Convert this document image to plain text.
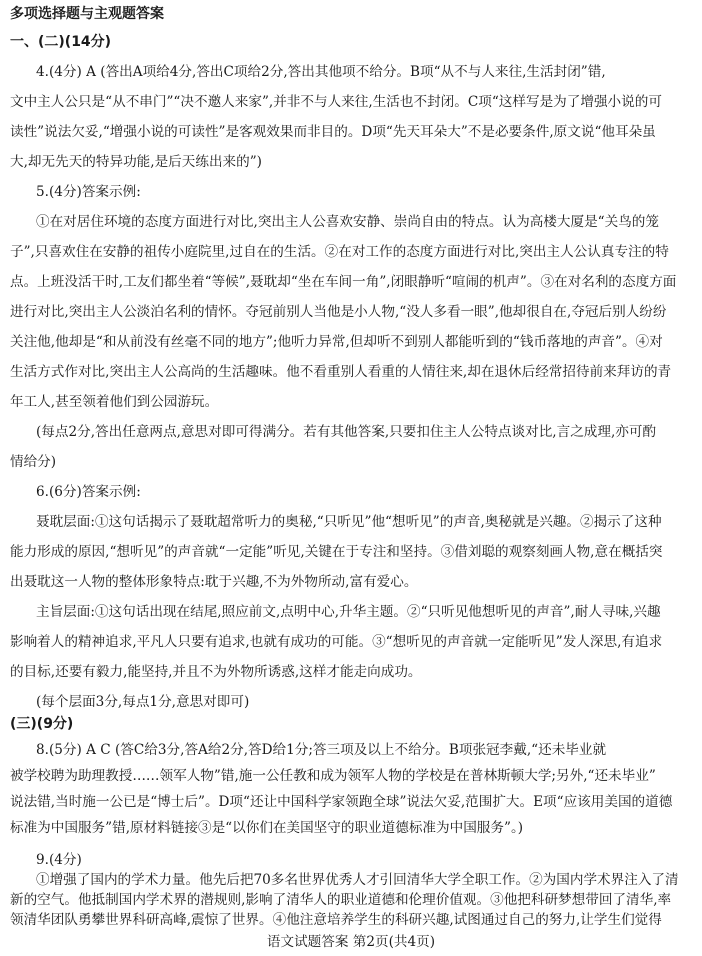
多项选择题与主观题答案
一、(二)(14分)
4.(4分) A (答出A项给4分,答出C项给2分,答出其他项不给分。B项“从不与人来往,生活封闭”错,
文中主人公只是“从不串门”“决不邀人来家”,并非不与人来往,生活也不封闭。C项“这样写是为了增强小说的可
读性”说法欠妥,“增强小说的可读性”是客观效果而非目的。D项“先天耳朵大”不是必要条件,原文说“他耳朵虽
大,却无先天的特异功能,是后天练出来的”)
5.(4分)答案示例:
①在对居住环境的态度方面进行对比,突出主人公喜欢安静、崇尚自由的特点。认为高楼大厦是“关鸟的笼
子”,只喜欢住在安静的祖传小庭院里,过自在的生活。②在对工作的态度方面进行对比,突出主人公认真专注的特
点。上班没活干时,工友们都坐着“等候”,聂耽却“坐在车间一角”,闭眼静听“喧闹的机声”。③在对名利的态度方面
进行对比,突出主人公淡泊名利的情怀。夺冠前别人当他是小人物,“没人多看一眼”,他却很自在,夺冠后别人纷纷
关注他,他却是“和从前没有丝毫不同的地方”;他听力异常,但却听不到别人都能听到的“钱币落地的声音”。④对
生活方式作对比,突出主人公高尚的生活趣味。他不看重别人看重的人情往来,却在退休后经常招待前来拜访的青
年工人,甚至领着他们到公园游玩。
(每点2分,答出任意两点,意思对即可得满分。若有其他答案,只要扣住主人公特点谈对比,言之成理,亦可酌
情给分)
6.(6分)答案示例:
聂耽层面:①这句话揭示了聂耽超常听力的奥秘,“只听见”他“想听见”的声音,奥秘就是兴趣。②揭示了这种
能力形成的原因,“想听见”的声音就“一定能”听见,关键在于专注和坚持。③借刘聪的观察刻画人物,意在概括突
出聂耽这一人物的整体形象特点:耽于兴趣,不为外物所动,富有爱心。
主旨层面:①这句话出现在结尾,照应前文,点明中心,升华主题。②“只听见他想听见的声音”,耐人寻味,兴趣
影响着人的精神追求,平凡人只要有追求,也就有成功的可能。③“想听见的声音就一定能听见”发人深思,有追求
的目标,还要有毅力,能坚持,并且不为外物所诱惑,这样才能走向成功。
(每个层面3分,每点1分,意思对即可)
(三)(9分)
8.(5分) A C (答C给3分,答A给2分,答D给1分;答三项及以上不给分。B项张冠李戴,“还未毕业就
被学校聘为助理教授……领军人物”错,施一公任教和成为领军人物的学校是在普林斯顿大学;另外,“还未毕业”
说法错,当时施一公已是“博士后”。D项“还让中国科学家领跑全球”说法欠妥,范围扩大。E项“应该用美国的道德
标准为中国服务”错,原材料链接③是“以你们在美国坚守的职业道德标准为中国服务”。)
9.(4分)
①增强了国内的学术力量。他先后把70多名世界优秀人才引回清华大学全职工作。②为国内学术界注入了清
新的空气。他抵制国内学术界的潜规则,影响了清华人的职业道德和伦理价值观。③他把科研梦想带回了清华,率
语文试题答案 第2页(共4页)
领清华团队勇攀世界科研高峰,震惊了世界。④他注意培养学生的科研兴趣,试图通过自己的努力,让学生们觉得
